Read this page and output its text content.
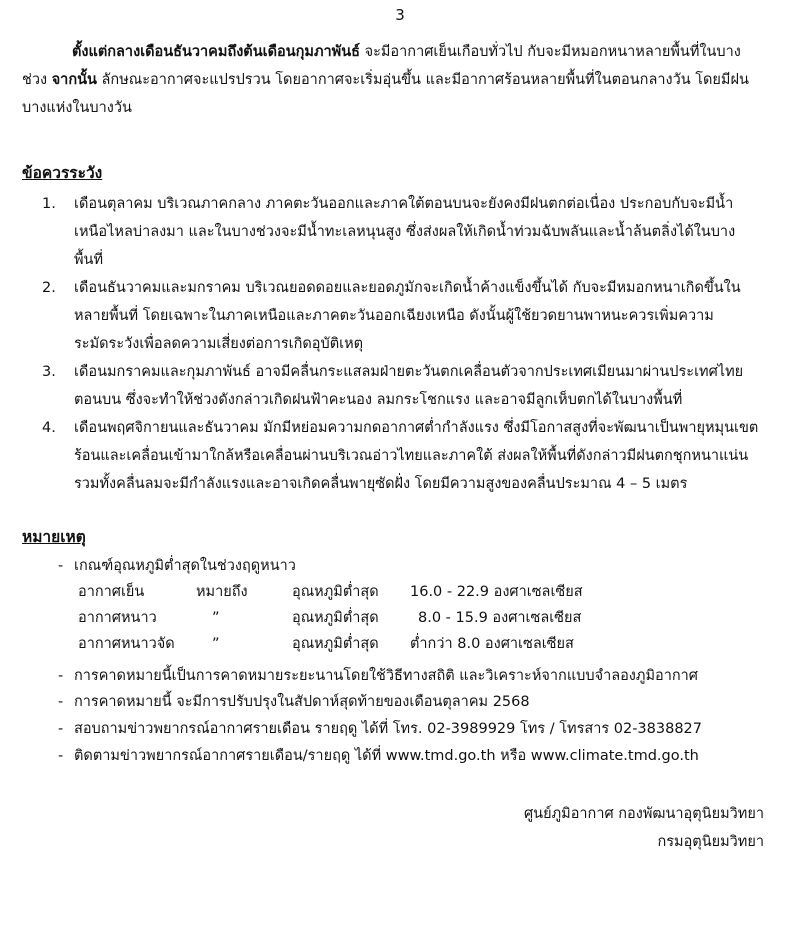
3
ตั้งแต่กลางเดือนธันวาคมถึงต้นเดือนกุมภาพันธ์ จะมีอากาศเย็นเกือบทั่วไป กับจะมีหมอกหนาหลายพื้นที่ในบางช่วง จากนั้น ลักษณะอากาศจะแปรปรวน โดยอากาศจะเริ่มอุ่นขึ้น และมีอากาศร้อนหลายพื้นที่ในตอนกลางวัน โดยมีฝนบางแห่งในบางวัน
ข้อควรระวัง
1. เดือนตุลาคม บริเวณภาคกลาง ภาคตะวันออกและภาคใต้ตอนบนจะยังคงมีฝนตกต่อเนื่อง ประกอบกับจะมีน้ำเหนือไหลบ่าลงมา และในบางช่วงจะมีน้ำทะเลหนุนสูง ซึ่งส่งผลให้เกิดน้ำท่วมฉับพลันและน้ำล้นตลิ่งได้ในบางพื้นที่
2. เดือนธันวาคมและมกราคม บริเวณยอดดอยและยอดภูมักจะเกิดน้ำค้างแข็งขึ้นได้ กับจะมีหมอกหนาเกิดขึ้นในหลายพื้นที่ โดยเฉพาะในภาคเหนือและภาคตะวันออกเฉียงเหนือ ดังนั้นผู้ใช้ยวดยานพาหนะควรเพิ่มความระมัดระวังเพื่อลดความเสี่ยงต่อการเกิดอุบัติเหตุ
3. เดือนมกราคมและกุมภาพันธ์ อาจมีคลื่นกระแสลมฝ่ายตะวันตกเคลื่อนตัวจากประเทศเมียนมาผ่านประเทศไทยตอนบน ซึ่งจะทำให้ช่วงดังกล่าวเกิดฝนฟ้าคะนอง ลมกระโชกแรง และอาจมีลูกเห็บตกได้ในบางพื้นที่
4. เดือนพฤศจิกายนและธันวาคม มักมีหย่อมความกดอากาศต่ำกำลังแรง ซึ่งมีโอกาสสูงที่จะพัฒนาเป็นพายุหมุนเขตร้อนและเคลื่อนเข้ามาใกล้หรือเคลื่อนผ่านบริเวณอ่าวไทยและภาคใต้ ส่งผลให้พื้นที่ดังกล่าวมีฝนตกชุกหนาแน่นรวมทั้งคลื่นลมจะมีกำลังแรงและอาจเกิดคลื่นพายุซัดฝั่ง โดยมีความสูงของคลื่นประมาณ 4 – 5 เมตร
หมายเหตุ
- เกณฑ์อุณหภูมิต่ำสุดในช่วงฤดูหนาว
อากาศเย็น	หมายถึง	อุณหภูมิต่ำสุด 16.0 - 22.9 องศาเซลเซียส
อากาศหนาว	”	อุณหภูมิต่ำสุด	8.0 - 15.9 องศาเซลเซียส
อากาศหนาวจัด	”	อุณหภูมิต่ำสุด ต่ำกว่า 8.0 องศาเซลเซียส
- การคาดหมายนี้เป็นการคาดหมายระยะนานโดยใช้วิธีทางสถิติ และวิเคราะห์จากแบบจำลองภูมิอากาศ
- การคาดหมายนี้ จะมีการปรับปรุงในสัปดาห์สุดท้ายของเดือนตุลาคม 2568
- สอบถามข่าวพยากรณ์อากาศรายเดือน รายฤดู ได้ที่ โทร. 02-3989929 โทร / โทรสาร 02-3838827
- ติดตามข่าวพยากรณ์อากาศรายเดือน/รายฤดู ได้ที่ www.tmd.go.th หรือ www.climate.tmd.go.th
ศูนย์ภูมิอากาศ กองพัฒนาอุตุนิยมวิทยา
กรมอุตุนิยมวิทยา
